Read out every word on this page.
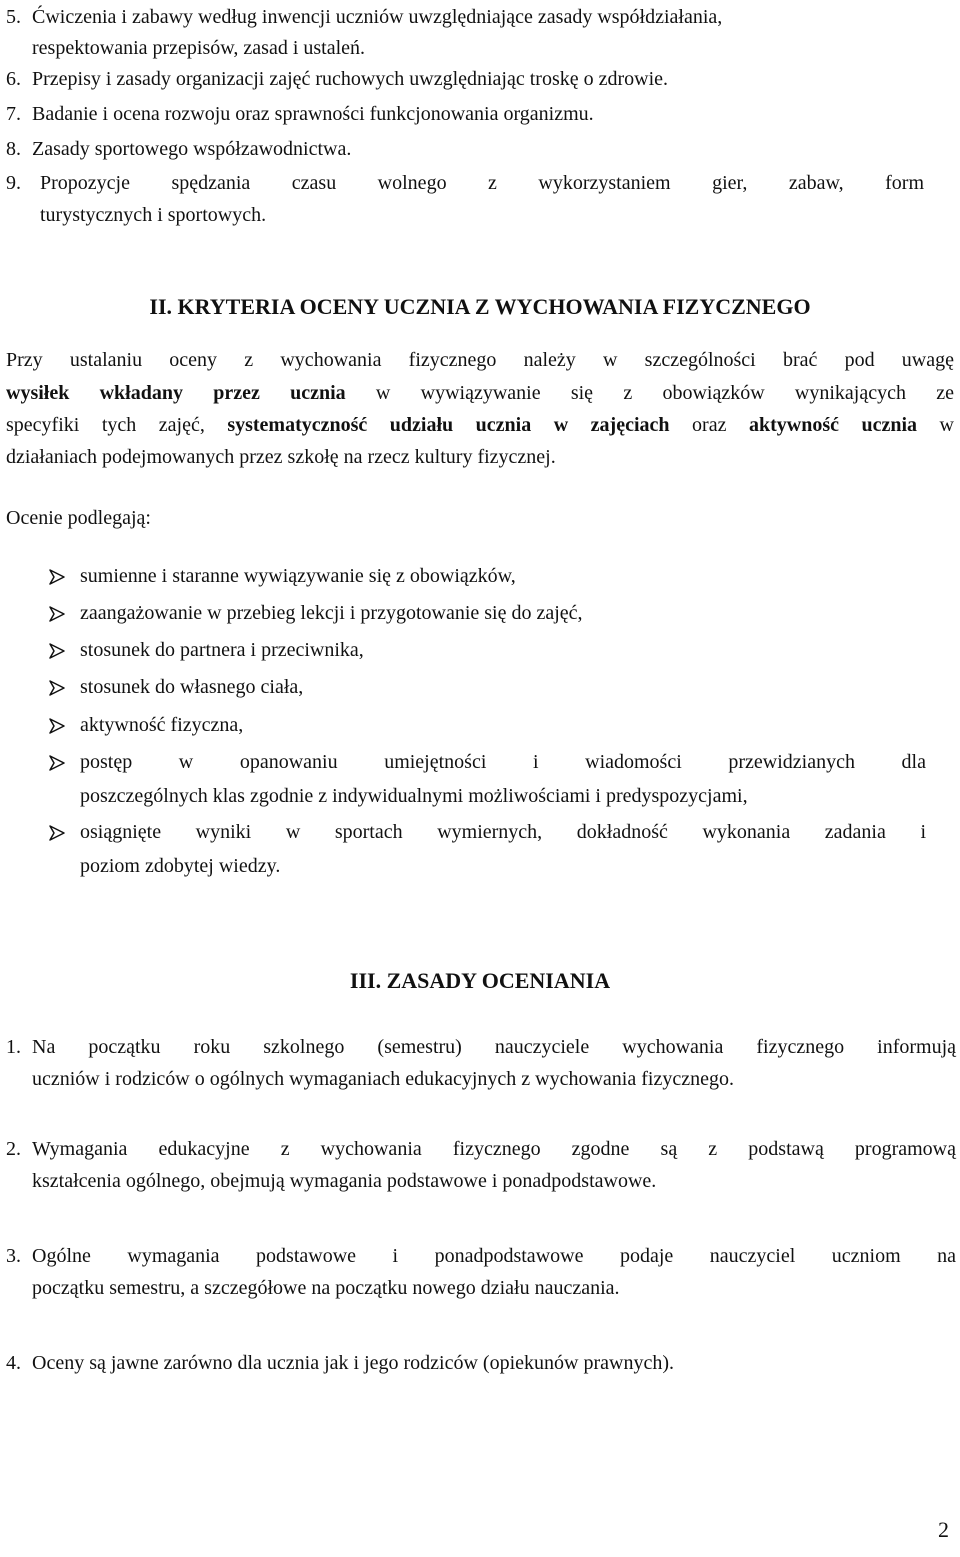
5. Ćwiczenia i zabawy według inwencji uczniów uwzględniające zasady współdziałania,
respektowania przepisów, zasad i ustaleń.
6. Przepisy i zasady organizacji zajęć ruchowych uwzględniając troskę o zdrowie.
7. Badanie i ocena rozwoju oraz sprawności funkcjonowania organizmu.
8. Zasady sportowego współzawodnictwa.
9. Propozycje spędzania czasu wolnego z wykorzystaniem gier, zabaw, form
turystycznych i sportowych.
II. KRYTERIA OCENY UCZNIA Z WYCHOWANIA FIZYCZNEGO
Przy ustalaniu oceny z wychowania fizycznego należy w szczególności brać pod uwagę
wysiłek wkładany przez ucznia w wywiązywanie się z obowiązków wynikających ze
specyfiki tych zajęć, systematyczność udziału ucznia w zajęciach oraz aktywność ucznia w
działaniach podejmowanych przez szkołę na rzecz kultury fizycznej.
Ocenie podlegają:
sumienne i staranne wywiązywanie się z obowiązków,
zaangażowanie w przebieg lekcji i przygotowanie się do zajęć,
stosunek do partnera i przeciwnika,
stosunek do własnego ciała,
aktywność fizyczna,
postęp w opanowaniu umiejętności i wiadomości przewidzianych dla
poszczególnych klas zgodnie z indywidualnymi możliwościami i predyspozycjami,
osiągnięte wyniki w sportach wymiernych, dokładność wykonania zadania i
poziom zdobytej wiedzy.
III. ZASADY OCENIANIA
1. Na początku roku szkolnego (semestru) nauczyciele wychowania fizycznego informują
uczniów i rodziców o ogólnych wymaganiach edukacyjnych z wychowania fizycznego.
2. Wymagania edukacyjne z wychowania fizycznego zgodne są z podstawą programową
kształcenia ogólnego, obejmują wymagania podstawowe i ponadpodstawowe.
3. Ogólne wymagania podstawowe i ponadpodstawowe podaje nauczyciel uczniom na
początku semestru, a szczegółowe na początku nowego działu nauczania.
4. Oceny są jawne zarówno dla ucznia jak i jego rodziców (opiekunów prawnych).
2
